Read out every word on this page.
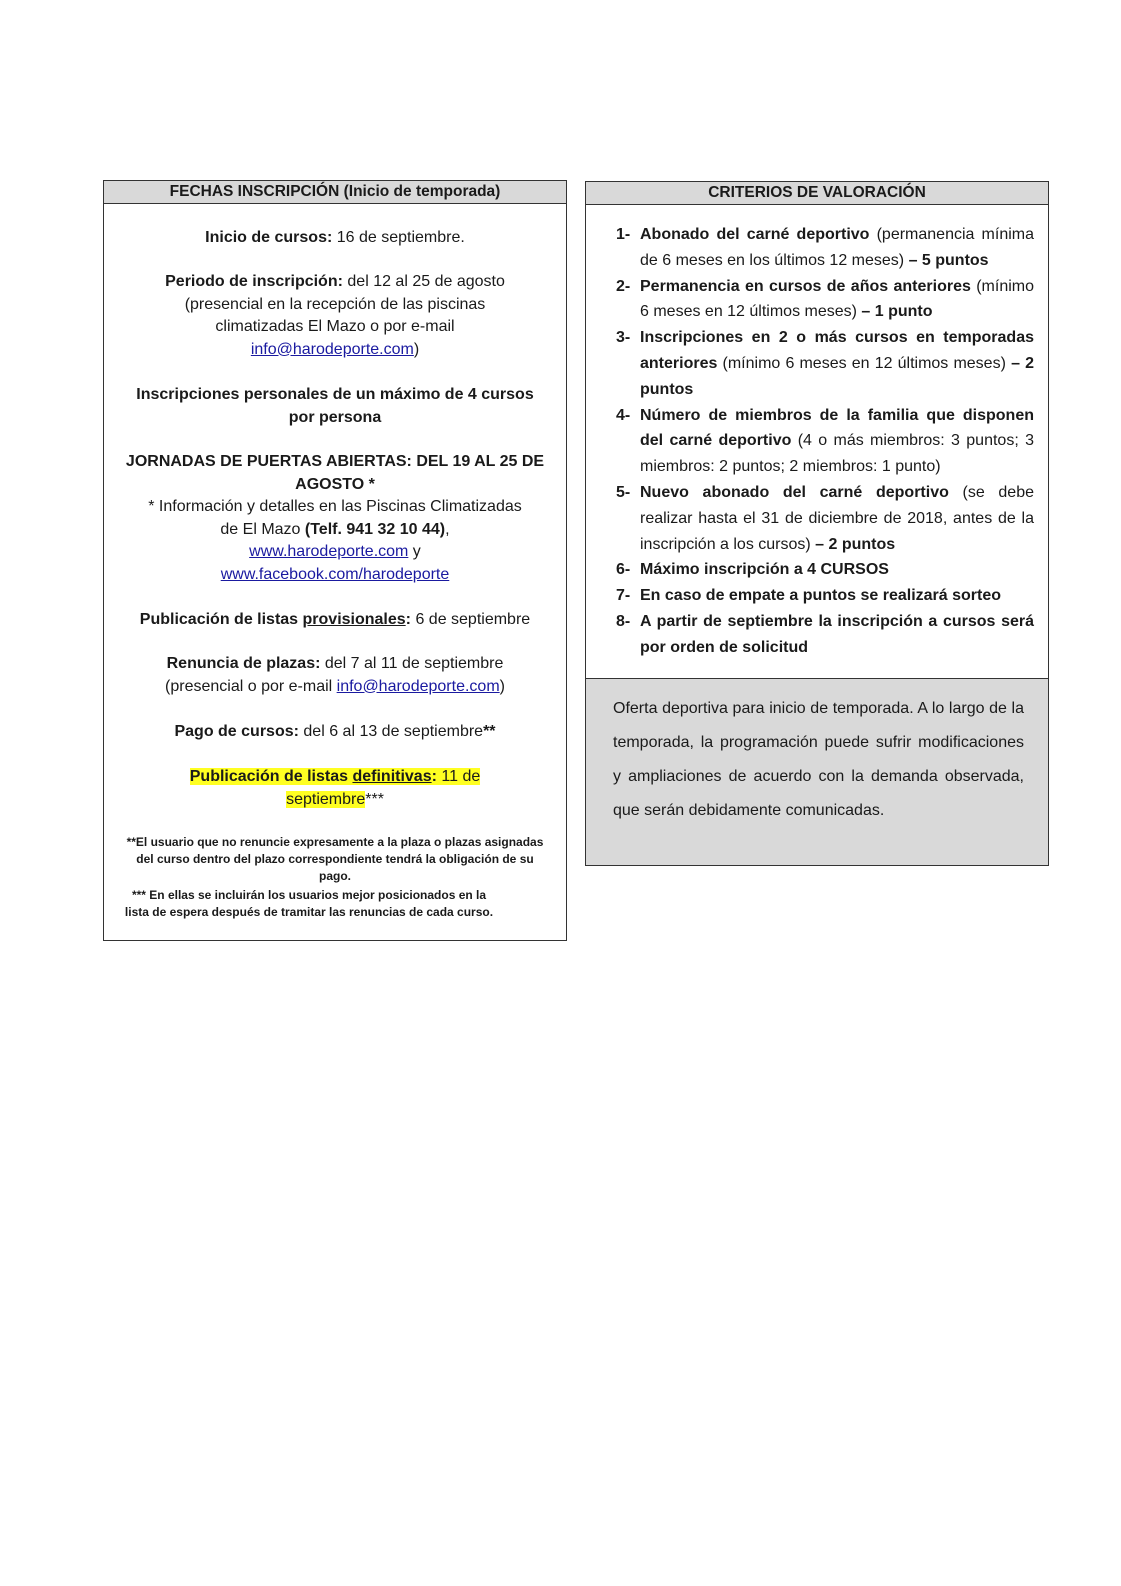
FECHAS INSCRIPCIÓN (Inicio de temporada)
Inicio de cursos: 16 de septiembre.
Periodo de inscripción: del 12 al 25 de agosto
(presencial en la recepción de las piscinas
climatizadas El Mazo o por e-mail
info@harodeporte.com)
Inscripciones personales de un máximo de 4 cursos
por persona
JORNADAS DE PUERTAS ABIERTAS: DEL 19 AL 25 DE
AGOSTO *
* Información y detalles en las Piscinas Climatizadas
de El Mazo (Telf. 941 32 10 44),
www.harodeporte.com y
www.facebook.com/harodeporte
Publicación de listas provisionales: 6 de septiembre
Renuncia de plazas: del 7 al 11 de septiembre
(presencial o por e-mail info@harodeporte.com)
Pago de cursos: del 6 al 13 de septiembre**
Publicación de listas definitivas: 11 de
septiembre***
**El usuario que no renuncie expresamente a la plaza o plazas asignadas
del curso dentro del plazo correspondiente tendrá la obligación de su
pago.
*** En ellas se incluirán los usuarios mejor posicionados en la
lista de espera después de tramitar las renuncias de cada curso.
CRITERIOS DE VALORACIÓN
1- Abonado del carné deportivo (permanencia mínima de 6 meses en los últimos 12 meses) – 5 puntos
2- Permanencia en cursos de años anteriores (mínimo 6 meses en 12 últimos meses) – 1 punto
3- Inscripciones en 2 o más cursos en temporadas anteriores (mínimo 6 meses en 12 últimos meses) – 2 puntos
4- Número de miembros de la familia que disponen del carné deportivo (4 o más miembros: 3 puntos; 3 miembros: 2 puntos; 2 miembros: 1 punto)
5- Nuevo abonado del carné deportivo (se debe realizar hasta el 31 de diciembre de 2018, antes de la inscripción a los cursos) – 2 puntos
6- Máximo inscripción a 4 CURSOS
7- En caso de empate a puntos se realizará sorteo
8- A partir de septiembre la inscripción a cursos será por orden de solicitud

Oferta deportiva para inicio de temporada. A lo largo de la temporada, la programación puede sufrir modificaciones y ampliaciones de acuerdo con la demanda observada, que serán debidamente comunicadas.
